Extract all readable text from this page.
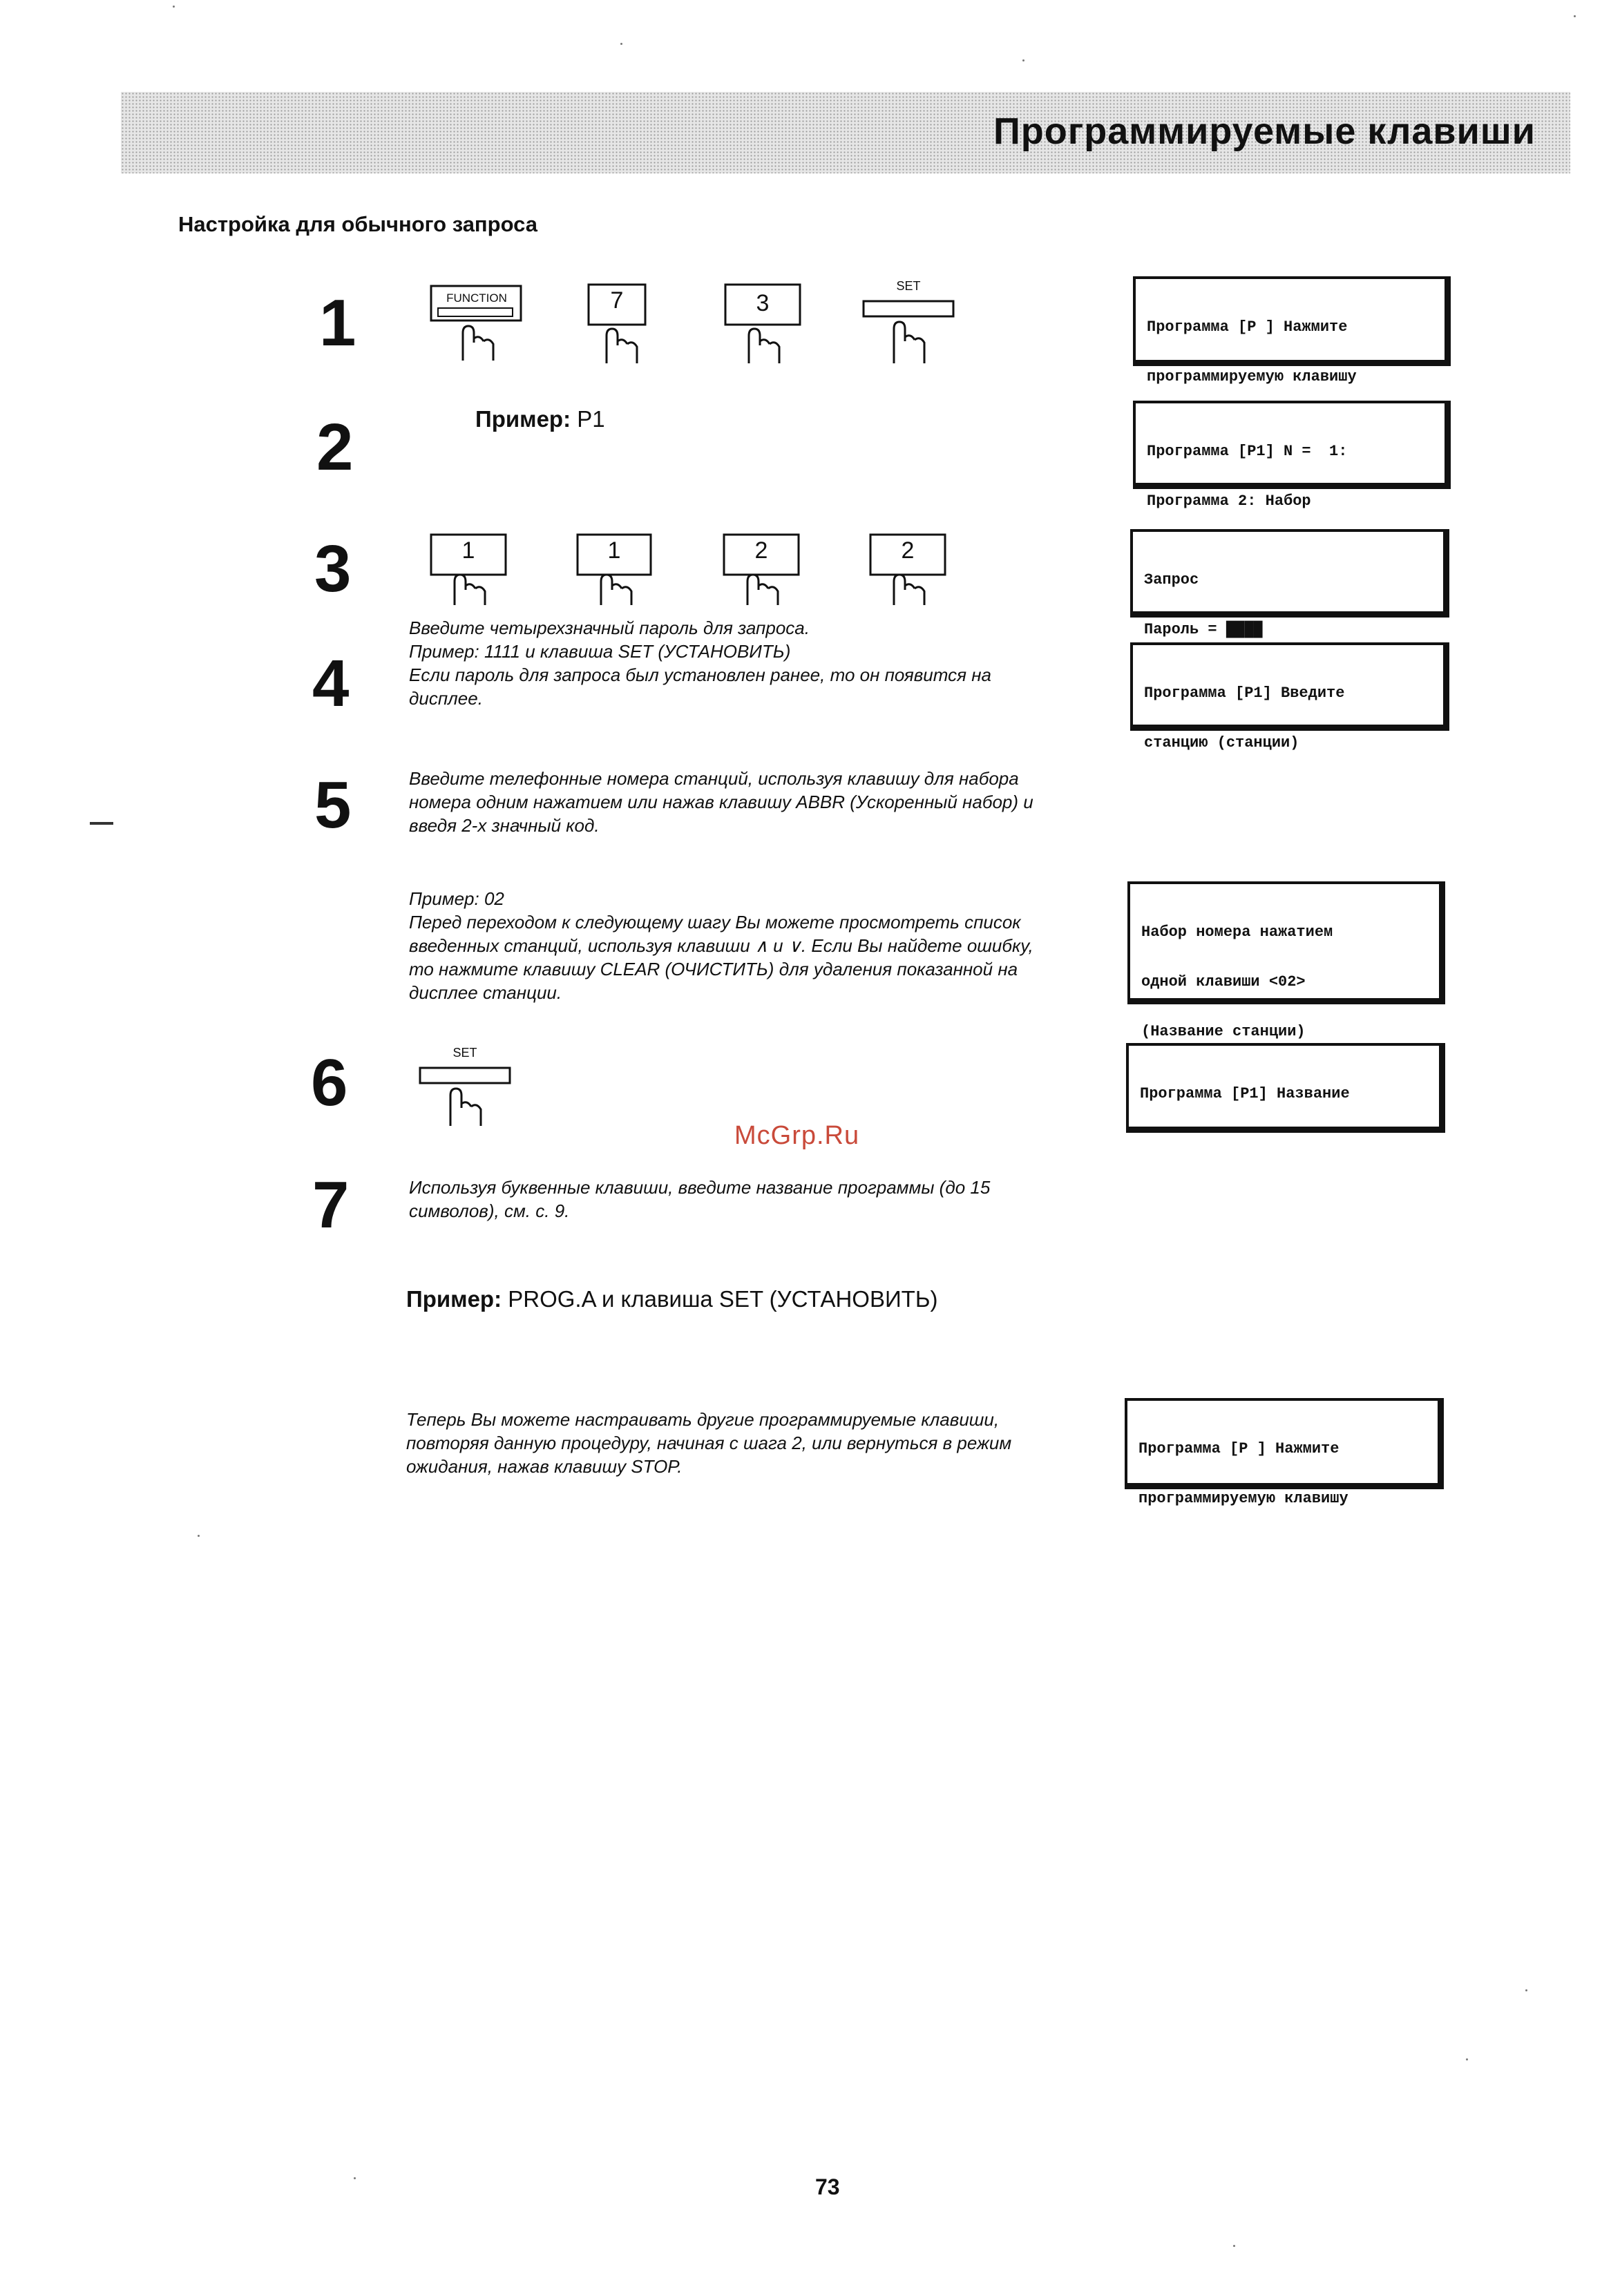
Программируемые клавиши
Настройка для обычного запроса
1
2
3
4
5
6
7
FUNCTION	7	3
SET
Пример: P1
1	1	2	2
Введите четырехзначный пароль для запроса.
Пример: 1111 и клавиша SET (УСТАНОВИТЬ)
Если пароль для запроса был установлен ранее, то он появится на
дисплее.
Введите телефонные номера станций, используя клавишу для набора
номера одним нажатием или нажав клавишу ABBR (Ускоренный набор) и
введя 2-х значный код.
Пример: 02
Перед переходом к следующему шагу Вы можете просмотреть список
введенных станций, используя клавиши ∧ и ∨. Если Вы найдете ошибку,
то нажмите клавишу CLEAR (ОЧИСТИТЬ) для удаления показанной на
дисплее станции.
SET
Используя буквенные клавиши, введите название программы (до 15
символов), см. с. 9.
Пример: PROG.A и клавиша SET (УСТАНОВИТЬ)
Теперь Вы можете настраивать другие программируемые клавиши,
повторяя данную процедуру, начиная с шага 2, или вернуться в режим
ожидания, нажав клавишу STOP.

Программа [P ] Нажмите

программируемую клавишу

Программа [P1] N =  1:

Программа 2: Набор

Запрос

Пароль = ████

Программа [P1] Введите

станцию (станции)

Набор номера нажатием

одной клавиши <02>

(Название станции)

Программа [P1] Название

Программа [P ] Нажмите

программируемую клавишу

McGrp.Ru
73
